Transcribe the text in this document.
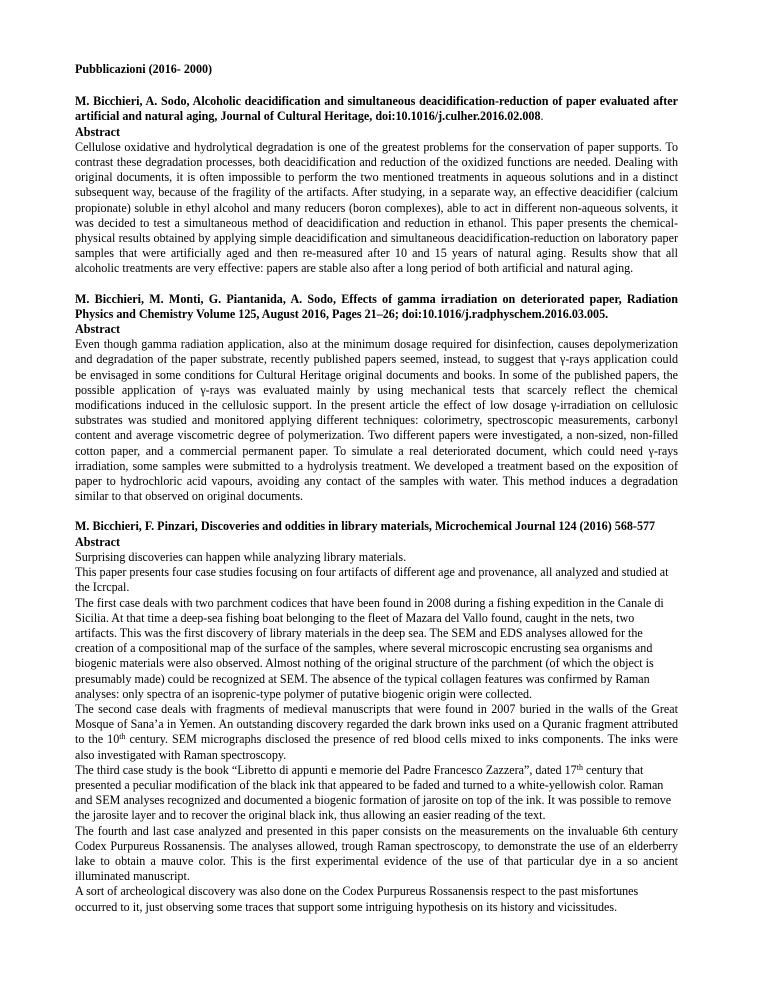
Pubblicazioni (2016- 2000)
M. Bicchieri, A. Sodo, Alcoholic deacidification and simultaneous deacidification-reduction of paper evaluated after artificial and natural aging, Journal of Cultural Heritage, doi:10.1016/j.culher.2016.02.008.
Abstract
Cellulose oxidative and hydrolytical degradation is one of the greatest problems for the conservation of paper supports. To contrast these degradation processes, both deacidification and reduction of the oxidized functions are needed. Dealing with original documents, it is often impossible to perform the two mentioned treatments in aqueous solutions and in a distinct subsequent way, because of the fragility of the artifacts. After studying, in a separate way, an effective deacidifier (calcium propionate) soluble in ethyl alcohol and many reducers (boron complexes), able to act in different non-aqueous solvents, it was decided to test a simultaneous method of deacidification and reduction in ethanol. This paper presents the chemical-physical results obtained by applying simple deacidification and simultaneous deacidification-reduction on laboratory paper samples that were artificially aged and then re-measured after 10 and 15 years of natural aging. Results show that all alcoholic treatments are very effective: papers are stable also after a long period of both artificial and natural aging.
M. Bicchieri, M. Monti, G. Piantanida, A. Sodo, Effects of gamma irradiation on deteriorated paper, Radiation Physics and Chemistry Volume 125, August 2016, Pages 21–26; doi:10.1016/j.radphyschem.2016.03.005.
Abstract
Even though gamma radiation application, also at the minimum dosage required for disinfection, causes depolymerization and degradation of the paper substrate, recently published papers seemed, instead, to suggest that γ-rays application could be envisaged in some conditions for Cultural Heritage original documents and books. In some of the published papers, the possible application of γ-rays was evaluated mainly by using mechanical tests that scarcely reflect the chemical modifications induced in the cellulosic support. In the present article the effect of low dosage γ-irradiation on cellulosic substrates was studied and monitored applying different techniques: colorimetry, spectroscopic measurements, carbonyl content and average viscometric degree of polymerization. Two different papers were investigated, a non-sized, non-filled cotton paper, and a commercial permanent paper. To simulate a real deteriorated document, which could need γ-rays irradiation, some samples were submitted to a hydrolysis treatment. We developed a treatment based on the exposition of paper to hydrochloric acid vapours, avoiding any contact of the samples with water. This method induces a degradation similar to that observed on original documents.
M. Bicchieri, F. Pinzari, Discoveries and oddities in library materials, Microchemical Journal 124 (2016) 568-577
Abstract
Surprising discoveries can happen while analyzing library materials.
This paper presents four case studies focusing on four artifacts of different age and provenance, all analyzed and studied at the Icrcpal.
The first case deals with two parchment codices that have been found in 2008 during a fishing expedition in the Canale di Sicilia. At that time a deep-sea fishing boat belonging to the fleet of Mazara del Vallo found, caught in the nets, two artifacts. This was the first discovery of library materials in the deep sea. The SEM and EDS analyses allowed for the creation of a compositional map of the surface of the samples, where several microscopic encrusting sea organisms and biogenic materials were also observed. Almost nothing of the original structure of the parchment (of which the object is presumably made) could be recognized at SEM. The absence of the typical collagen features was confirmed by Raman analyses: only spectra of an isoprenic-type polymer of putative biogenic origin were collected.
The second case deals with fragments of medieval manuscripts that were found in 2007 buried in the walls of the Great Mosque of Sana’a in Yemen. An outstanding discovery regarded the dark brown inks used on a Quranic fragment attributed to the 10th century. SEM micrographs disclosed the presence of red blood cells mixed to inks components. The inks were also investigated with Raman spectroscopy.
The third case study is the book “Libretto di appunti e memorie del Padre Francesco Zazzera”, dated 17th century that presented a peculiar modification of the black ink that appeared to be faded and turned to a white-yellowish color. Raman and SEM analyses recognized and documented a biogenic formation of jarosite on top of the ink. It was possible to remove the jarosite layer and to recover the original black ink, thus allowing an easier reading of the text.
The fourth and last case analyzed and presented in this paper consists on the measurements on the invaluable 6th century Codex Purpureus Rossanensis. The analyses allowed, trough Raman spectroscopy, to demonstrate the use of an elderberry lake to obtain a mauve color. This is the first experimental evidence of the use of that particular dye in a so ancient illuminated manuscript.
A sort of archeological discovery was also done on the Codex Purpureus Rossanensis respect to the past misfortunes occurred to it, just observing some traces that support some intriguing hypothesis on its history and vicissitudes.
